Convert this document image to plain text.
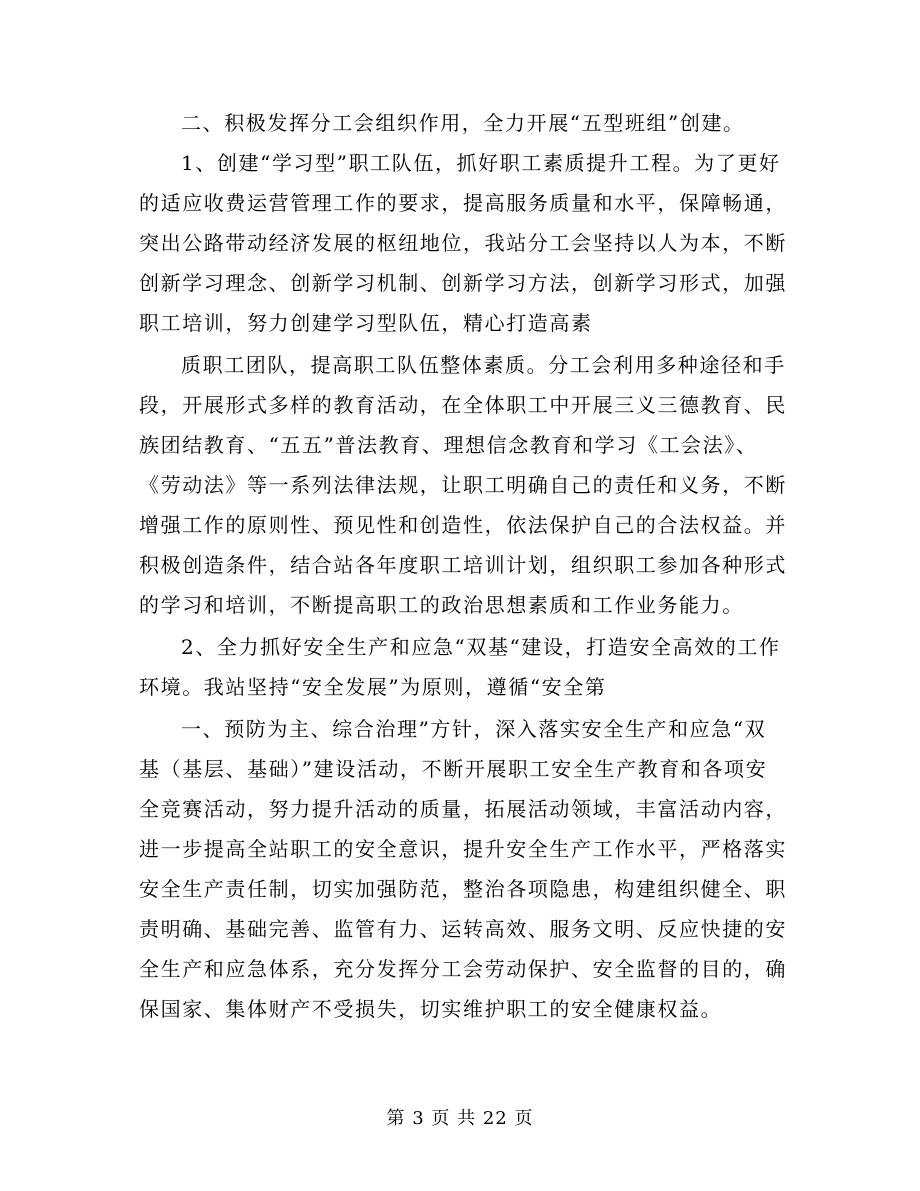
二、积极发挥分工会组织作用，全力开展“五型班组”创建。
1、创建“学习型”职工队伍，抓好职工素质提升工程。为了更好
的适应收费运营管理工作的要求，提高服务质量和水平，保障畅通，
突出公路带动经济发展的枢纽地位，我站分工会坚持以人为本，不断
创新学习理念、创新学习机制、创新学习方法，创新学习形式，加强
职工培训，努力创建学习型队伍，精心打造高素
质职工团队，提高职工队伍整体素质。分工会利用多种途径和手
段，开展形式多样的教育活动，在全体职工中开展三义三德教育、民
族团结教育、“五五”普法教育、理想信念教育和学习《工会法》、
《劳动法》等一系列法律法规，让职工明确自己的责任和义务，不断
增强工作的原则性、预见性和创造性，依法保护自己的合法权益。并
积极创造条件，结合站各年度职工培训计划，组织职工参加各种形式
的学习和培训，不断提高职工的政治思想素质和工作业务能力。
2、全力抓好安全生产和应急“双基“建设，打造安全高效的工作
环境。我站坚持“安全发展”为原则，遵循“安全第
一、预防为主、综合治理”方针，深入落实安全生产和应急“双
基（基层、基础）”建设活动，不断开展职工安全生产教育和各项安
全竞赛活动，努力提升活动的质量，拓展活动领域，丰富活动内容，
进一步提高全站职工的安全意识，提升安全生产工作水平，严格落实
安全生产责任制，切实加强防范，整治各项隐患，构建组织健全、职
责明确、基础完善、监管有力、运转高效、服务文明、反应快捷的安
全生产和应急体系，充分发挥分工会劳动保护、安全监督的目的，确
保国家、集体财产不受损失，切实维护职工的安全健康权益。
第 3 页 共 22 页
